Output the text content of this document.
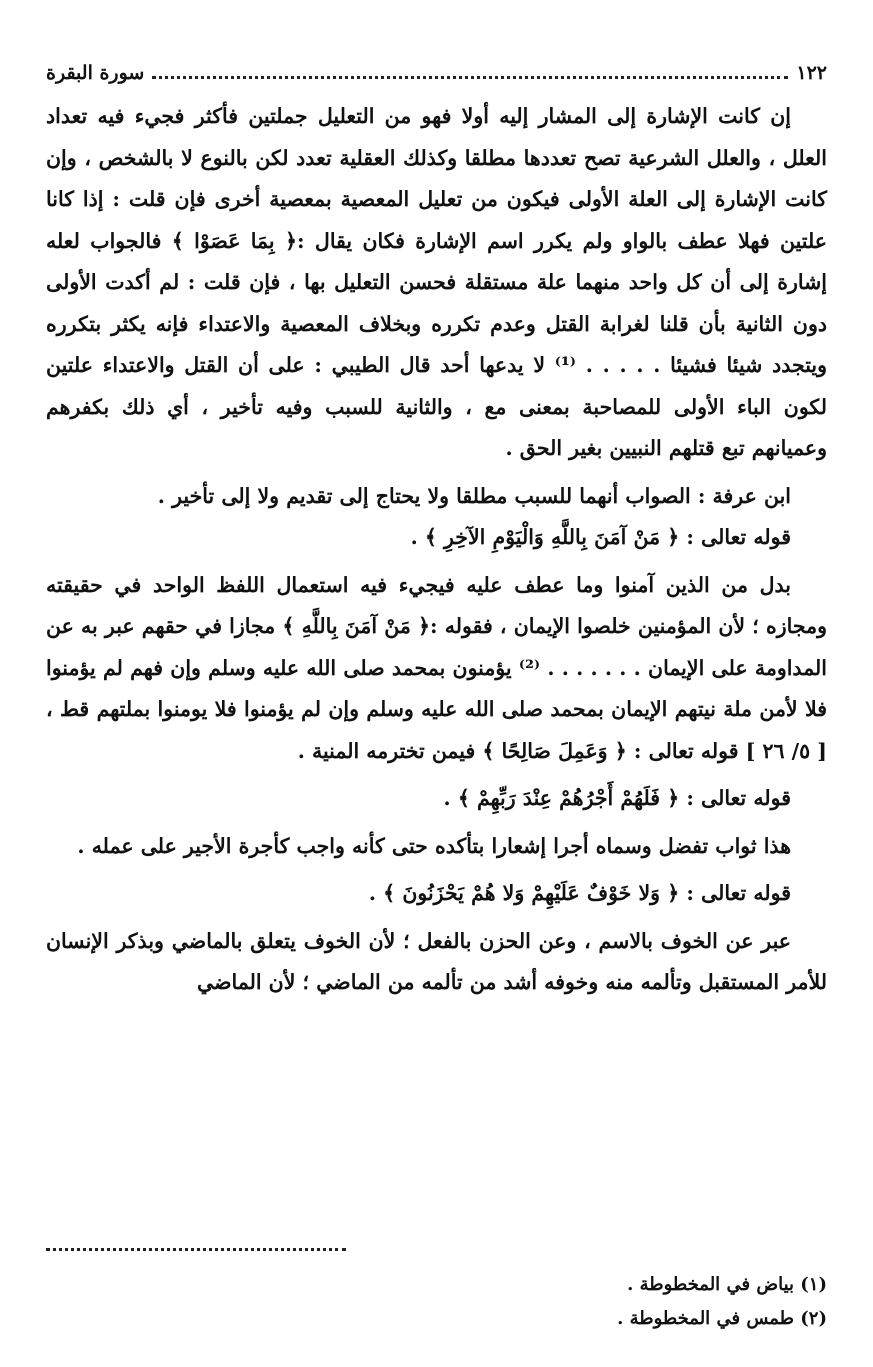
١٢٢
سورة البقرة

إن كانت الإشارة إلى المشار إليه أولا فهو من التعليل جملتين فأكثر فجيء فيه تعداد العلل ، والعلل الشرعية تصح تعددها مطلقا وكذلك العقلية تعدد لكن بالنوع لا بالشخص ، وإن كانت الإشارة إلى العلة الأولى فيكون من تعليل المعصية بمعصية أخرى فإن قلت : إذا كانا علتين فهلا عطف بالواو ولم يكرر اسم الإشارة فكان يقال :﴿ بِمَا عَصَوْا ﴾ فالجواب لعله إشارة إلى أن كل واحد منهما علة مستقلة فحسن التعليل بها ، فإن قلت : لم أكدت الأولى دون الثانية بأن قلنا لغرابة القتل وعدم تكرره وبخلاف المعصية والاعتداء فإنه يكثر بتكرره ويتجدد شيئا فشيئا . . . . . ⁽¹⁾ لا يدعها أحد قال الطيبي : على أن القتل والاعتداء علتين لكون الباء الأولى للمصاحبة بمعنى مع ، والثانية للسبب وفيه تأخير ، أي ذلك بكفرهم وعميانهم تبع قتلهم النبيين بغير الحق .

ابن عرفة : الصواب أنهما للسبب مطلقا ولا يحتاج إلى تقديم ولا إلى تأخير .

قوله تعالى : ﴿ مَنْ آمَنَ بِاللَّهِ وَالْيَوْمِ الآخِرِ ﴾ .

بدل من الذين آمنوا وما عطف عليه فيجيء فيه استعمال اللفظ الواحد في حقيقته ومجازه ؛ لأن المؤمنين خلصوا الإيمان ، فقوله :﴿ مَنْ آمَنَ بِاللَّهِ ﴾ مجازا في حقهم عبر به عن المداومة على الإيمان . . . . . . . ⁽²⁾ يؤمنون بمحمد صلى الله عليه وسلم وإن فهم لم يؤمنوا فلا لأمن ملة نيتهم الإيمان بمحمد صلى الله عليه وسلم وإن لم يؤمنوا فلا يومنوا بملتهم قط ، [ ٥/ ٢٦ ] قوله تعالى : ﴿ وَعَمِلَ صَالِحًا ﴾ فيمن تخترمه المنية .

قوله تعالى : ﴿ فَلَهُمْ أَجْرُهُمْ عِنْدَ رَبِّهِمْ ﴾ .

هذا ثواب تفضل وسماه أجرا إشعارا بتأكده حتى كأنه واجب كأجرة الأجير على عمله .

قوله تعالى : ﴿ وَلا خَوْفٌ عَلَيْهِمْ وَلا هُمْ يَحْزَنُونَ ﴾ .

عبر عن الخوف بالاسم ، وعن الحزن بالفعل ؛ لأن الخوف يتعلق بالماضي وبذكر الإنسان للأمر المستقبل وتألمه منه وخوفه أشد من تألمه من الماضي ؛ لأن الماضي

(١) بياض في المخطوطة .

(٢) طمس في المخطوطة .
